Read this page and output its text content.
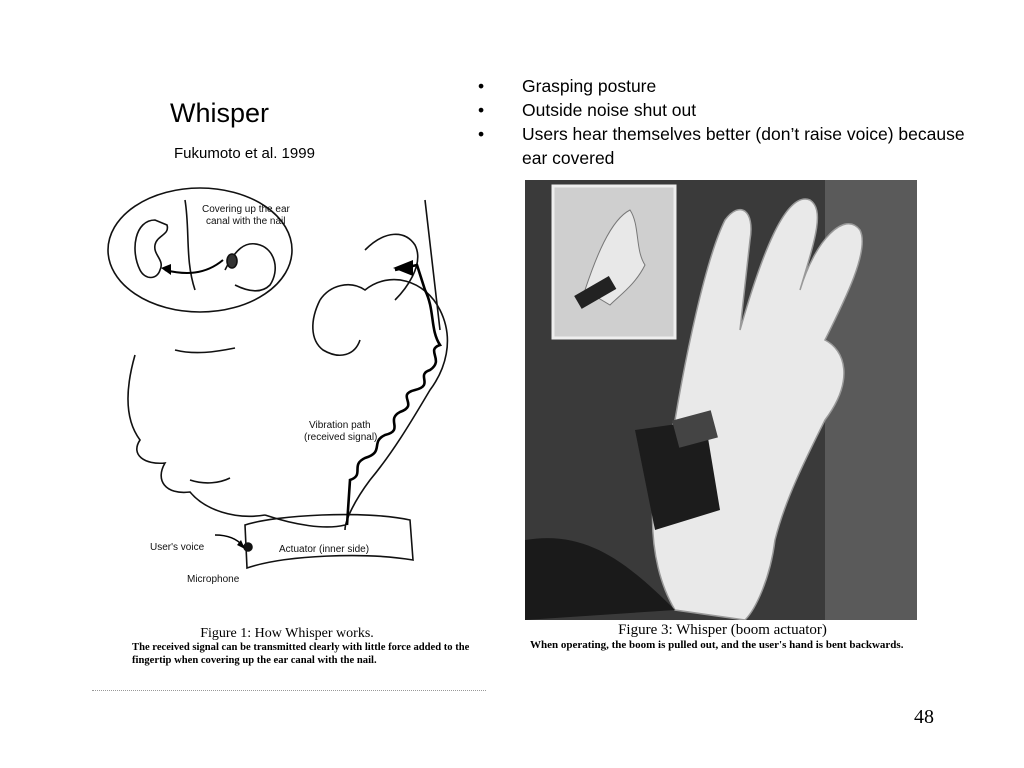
Whisper
Fukumoto et al. 1999
• Grasping posture
• Outside noise shut out
• Users hear themselves better (don’t raise voice) because ear covered
Covering up the ear
canal with the nail
Vibration path
(received signal)
User's voice	Actuator (inner side)
Microphone
Figure 1: How Whisper works.
The received signal can be transmitted clearly with little force added to the fingertip when covering up the ear canal with the nail.
Figure 3: Whisper (boom actuator)
When operating, the boom is pulled out, and the user's hand is bent backwards.
48
